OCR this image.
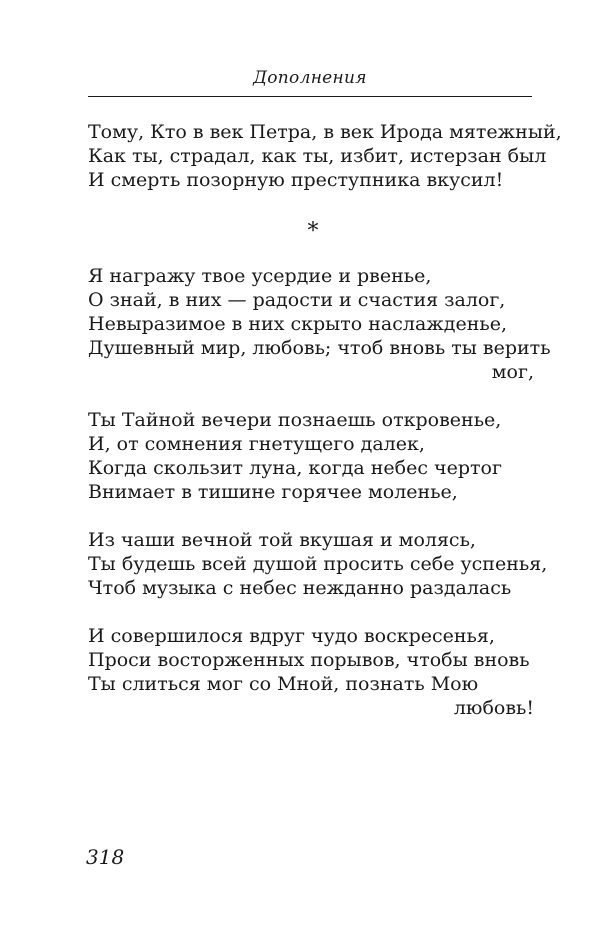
Дополнения
Тому, Кто в век Петра, в век Ирода мятежный,
Как ты, страдал, как ты, избит, истерзан был
И смерть позорную преступника вкусил!
*
Я награжу твое усердие и рвенье,
О знай, в них — радости и счастия залог,
Невыразимое в них скрыто наслажденье,
Душевный мир, любовь; чтоб вновь ты верить
мог,
Ты Тайной вечери познаешь откровенье,
И, от сомнения гнетущего далек,
Когда скользит луна, когда небес чертог
Внимает в тишине горячее моленье,
Из чаши вечной той вкушая и молясь,
Ты будешь всей душой просить себе успенья,
Чтоб музыка с небес нежданно раздалась
И совершилося вдруг чудо воскресенья,
Проси восторженных порывов, чтобы вновь
Ты слиться мог со Мной, познать Мою
любовь!
318
